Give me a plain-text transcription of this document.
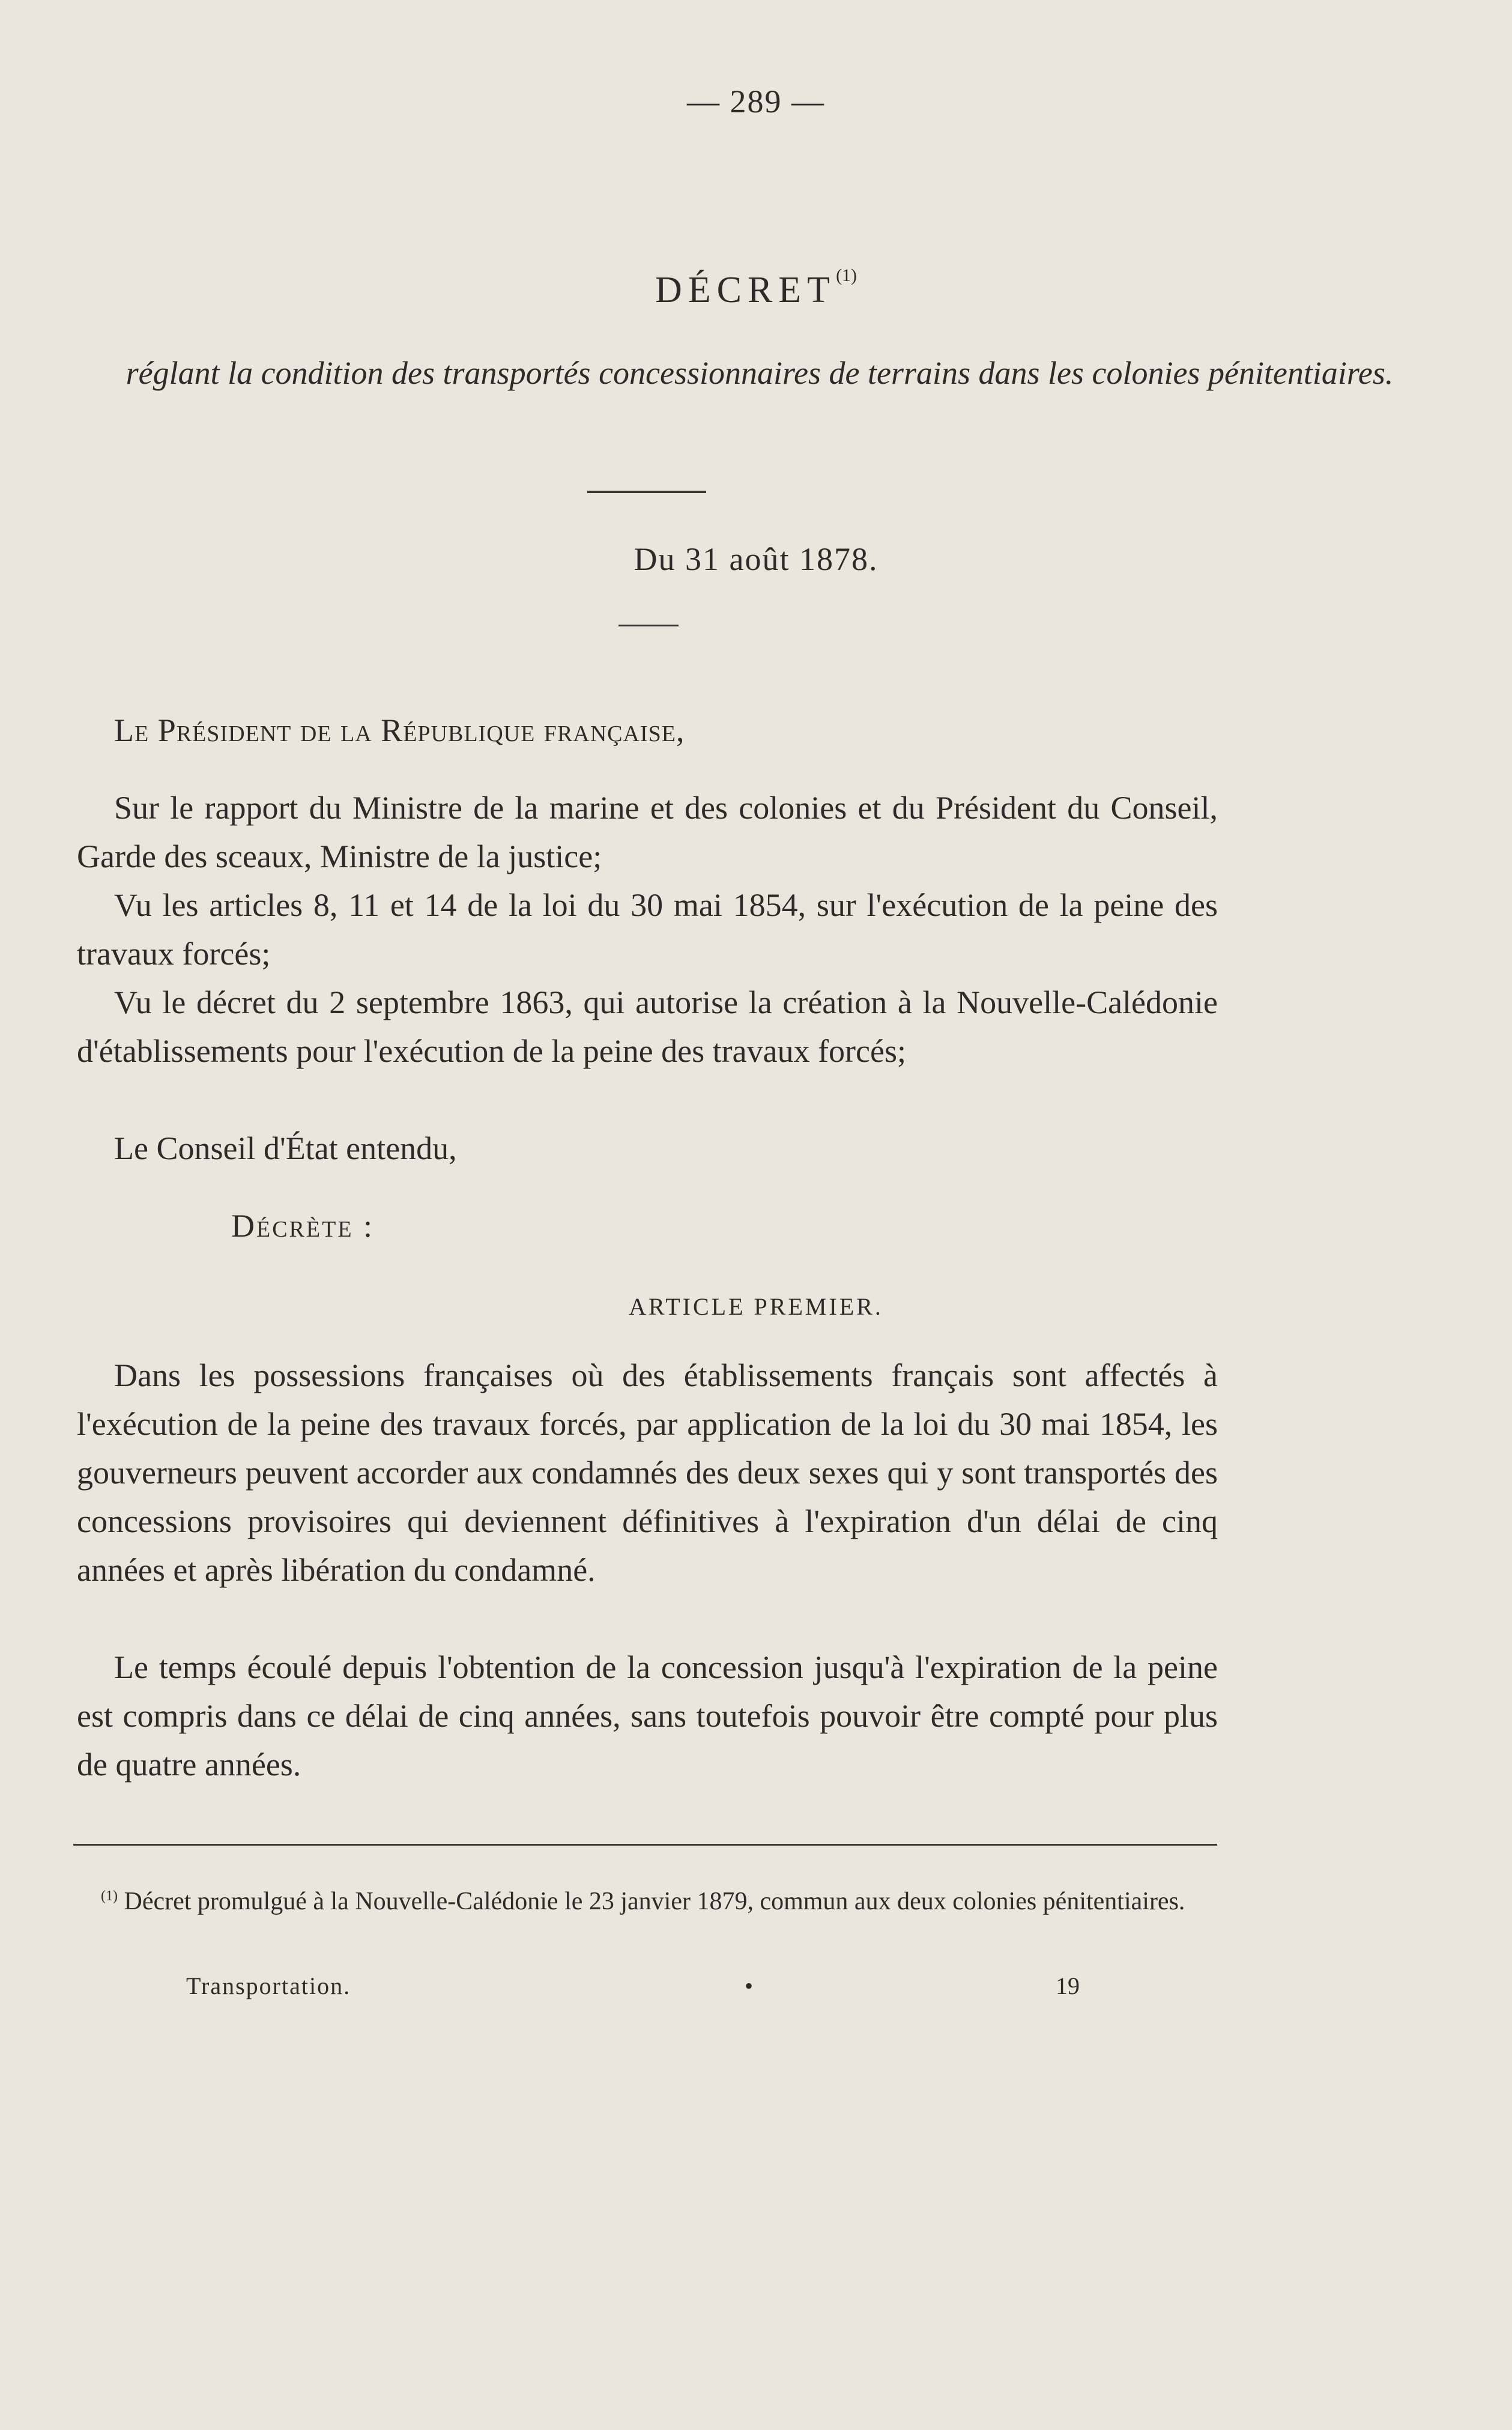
— 289 —
DÉCRET$^{(1)}$
réglant la condition des transportés concessionnaires de terrains dans les colonies pénitentiaires.
Du 31 août 1878.
Le Président de la République française,

Sur le rapport du Ministre de la marine et des colonies et du Président du Conseil, Garde des sceaux, Ministre de la justice;

Vu les articles 8, 11 et 14 de la loi du 30 mai 1854, sur l'exécution de la peine des travaux forcés;

Vu le décret du 2 septembre 1863, qui autorise la création à la Nouvelle-Calédonie d'établissements pour l'exécution de la peine des travaux forcés;

Le Conseil d'État entendu,

Décrète :
ARTICLE PREMIER.

Dans les possessions françaises où des établissements français sont affectés à l'exécution de la peine des travaux forcés, par application de la loi du 30 mai 1854, les gouverneurs peuvent accorder aux condamnés des deux sexes qui y sont transportés des concessions provisoires qui deviennent définitives à l'expiration d'un délai de cinq années et après libération du condamné.

Le temps écoulé depuis l'obtention de la concession jusqu'à l'expiration de la peine est compris dans ce délai de cinq années, sans toutefois pouvoir être compté pour plus de quatre années.

$^{(1)}$ Décret promulgué à la Nouvelle-Calédonie le 23 janvier 1879, commun aux deux colonies pénitentiaires.
Transportation.	•	19
